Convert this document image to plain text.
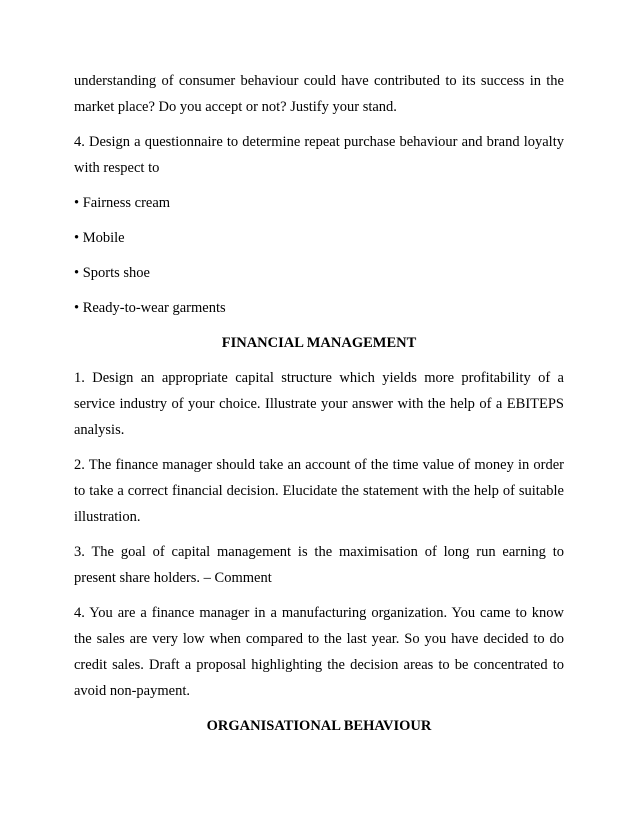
understanding of consumer behaviour could have contributed to its success in the market place? Do you accept or not? Justify your stand.

4. Design a questionnaire to determine repeat purchase behaviour and brand loyalty with respect to

• Fairness cream

• Mobile

• Sports shoe

• Ready-to-wear garments

FINANCIAL MANAGEMENT

1. Design an appropriate capital structure which yields more profitability of a service industry of your choice. Illustrate your answer with the help of a EBITEPS analysis.

2. The finance manager should take an account of the time value of money in order to take a correct financial decision. Elucidate the statement with the help of suitable illustration.

3. The goal of capital management is the maximisation of long run earning to present share holders. – Comment

4. You are a finance manager in a manufacturing organization. You came to know the sales are very low when compared to the last year. So you have decided to do credit sales. Draft a proposal highlighting the decision areas to be concentrated to avoid non-payment.

ORGANISATIONAL BEHAVIOUR
